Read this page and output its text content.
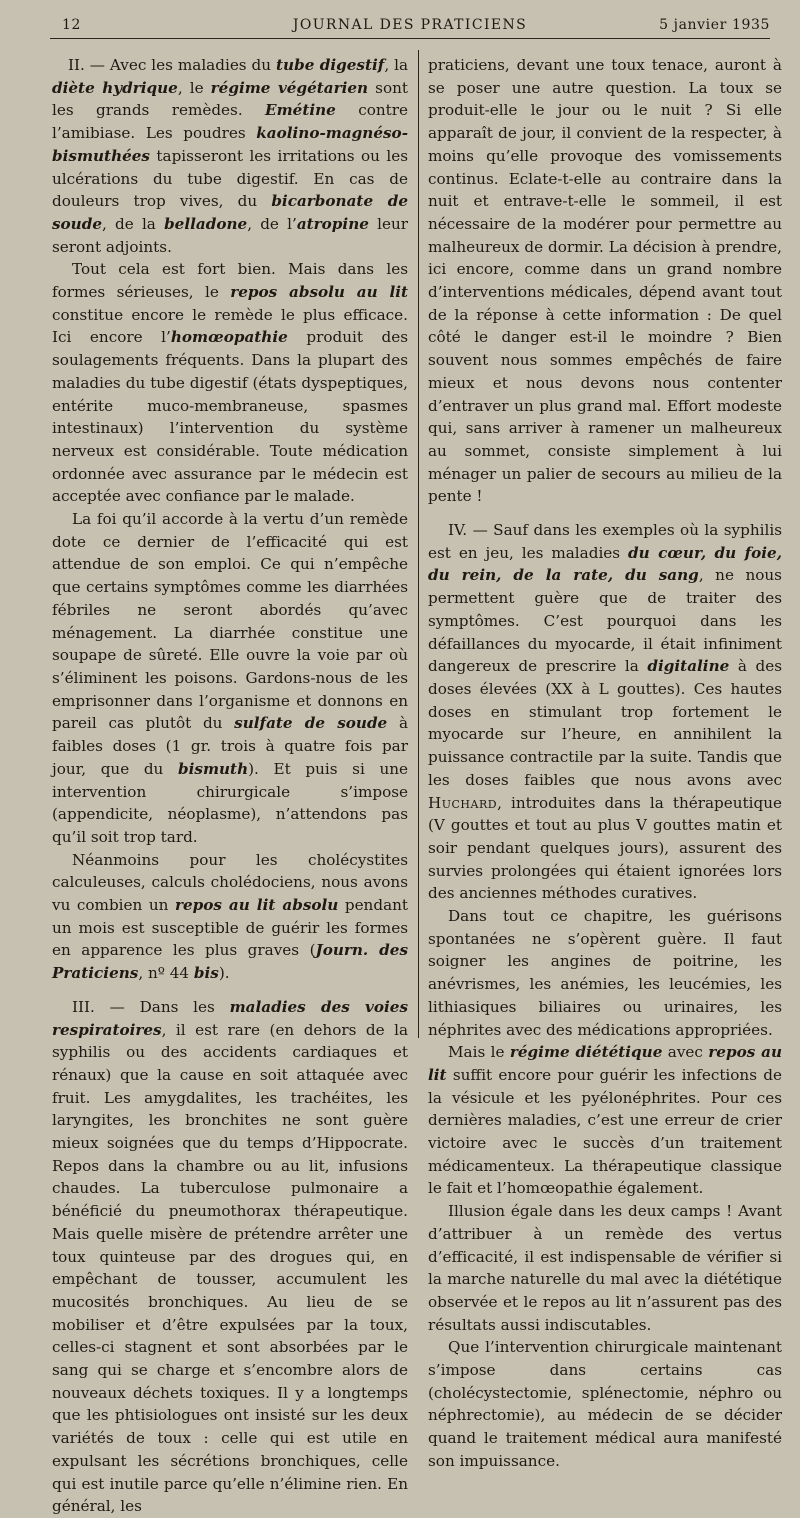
12	JOURNAL DES PRATICIENS	5 janvier 1935

II. — Avec les maladies du tube digestif, la diète hydrique, le régime végétarien sont les grands remèdes. Emétine contre l’amibiase. Les poudres kaolino-magnéso-bismuthées tapisseront les irritations ou les ulcérations du tube digestif. En cas de douleurs trop vives, du bicarbonate de soude, de la belladone, de l’atropine leur seront adjoints.

Tout cela est fort bien. Mais dans les formes sérieuses, le repos absolu au lit constitue encore le remède le plus efficace. Ici encore l’homœopathie produit des soulagements fréquents. Dans la plupart des maladies du tube digestif (états dyspeptiques, entérite muco-membraneuse, spasmes intestinaux) l’intervention du système nerveux est considérable. Toute médication ordonnée avec assurance par le médecin est acceptée avec confiance par le malade.

La foi qu’il accorde à la vertu d’un remède dote ce dernier de l’efficacité qui est attendue de son emploi. Ce qui n’empêche que certains symptômes comme les diarrhées fébriles ne seront abordés qu’avec ménagement. La diarrhée constitue une soupape de sûreté. Elle ouvre la voie par où s’éliminent les poisons. Gardons-nous de les emprisonner dans l’organisme et donnons en pareil cas plutôt du sulfate de soude à faibles doses (1 gr. trois à quatre fois par jour, que du bismuth). Et puis si une intervention chirurgicale s’impose (appendicite, néoplasme), n’attendons pas qu’il soit trop tard.

Néanmoins pour les cholécystites calculeuses, calculs cholédociens, nous avons vu combien un repos au lit absolu pendant un mois est susceptible de guérir les formes en apparence les plus graves (Journ. des Praticiens, nº 44 bis).

III. — Dans les maladies des voies respiratoires, il est rare (en dehors de la syphilis ou des accidents cardiaques et rénaux) que la cause en soit attaquée avec fruit. Les amygdalites, les trachéites, les laryngites, les bronchites ne sont guère mieux soignées que du temps d’Hippocrate. Repos dans la chambre ou au lit, infusions chaudes. La tuberculose pulmonaire a bénéficié du pneumothorax thérapeutique. Mais quelle misère de prétendre arrêter une toux quinteuse par des drogues qui, en empêchant de tousser, accumulent les mucosités bronchiques. Au lieu de se mobiliser et d’être expulsées par la toux, celles-ci stagnent et sont absorbées par le sang qui se charge et s’encombre alors de nouveaux déchets toxiques. Il y a longtemps que les phtisiologues ont insisté sur les deux variétés de toux : celle qui est utile en expulsant les sécrétions bronchiques, celle qui est inutile parce qu’elle n’élimine rien. En général, les

praticiens, devant une toux tenace, auront à se poser une autre question. La toux se produit-elle le jour ou le nuit ? Si elle apparaît de jour, il convient de la respecter, à moins qu’elle provoque des vomissements continus. Eclate-t-elle au contraire dans la nuit et entrave-t-elle le sommeil, il est nécessaire de la modérer pour permettre au malheureux de dormir. La décision à prendre, ici encore, comme dans un grand nombre d’interventions médicales, dépend avant tout de la réponse à cette information : De quel côté le danger est-il le moindre ? Bien souvent nous sommes empêchés de faire mieux et nous devons nous contenter d’entraver un plus grand mal. Effort modeste qui, sans arriver à ramener un malheureux au sommet, consiste simplement à lui ménager un palier de secours au milieu de la pente !

IV. — Sauf dans les exemples où la syphilis est en jeu, les maladies du cœur, du foie, du rein, de la rate, du sang, ne nous permettent guère que de traiter des symptômes. C’est pourquoi dans les défaillances du myocarde, il était infiniment dangereux de prescrire la digitaline à des doses élevées (XX à L gouttes). Ces hautes doses en stimulant trop fortement le myocarde sur l’heure, en annihilent la puissance contractile par la suite. Tandis que les doses faibles que nous avons avec Huchard, introduites dans la thérapeutique (V gouttes et tout au plus V gouttes matin et soir pendant quelques jours), assurent des survies prolongées qui étaient ignorées lors des anciennes méthodes curatives.

Dans tout ce chapitre, les guérisons spontanées ne s’opèrent guère. Il faut soigner les angines de poitrine, les anévrismes, les anémies, les leucémies, les lithiasiques biliaires ou urinaires, les néphrites avec des médications appropriées.

Mais le régime diététique avec repos au lit suffit encore pour guérir les infections de la vésicule et les pyélonéphrites. Pour ces dernières maladies, c’est une erreur de crier victoire avec le succès d’un traitement médicamenteux. La thérapeutique classique le fait et l’homœopathie également.

Illusion égale dans les deux camps ! Avant d’attribuer à un remède des vertus d’efficacité, il est indispensable de vérifier si la marche naturelle du mal avec la diététique observée et le repos au lit n’assurent pas des résultats aussi indiscutables.

Que l’intervention chirurgicale maintenant s’impose dans certains cas (cholécystectomie, splénectomie, néphro ou néphrectomie), au médecin de se décider quand le traitement médical aura manifesté son impuissance.
